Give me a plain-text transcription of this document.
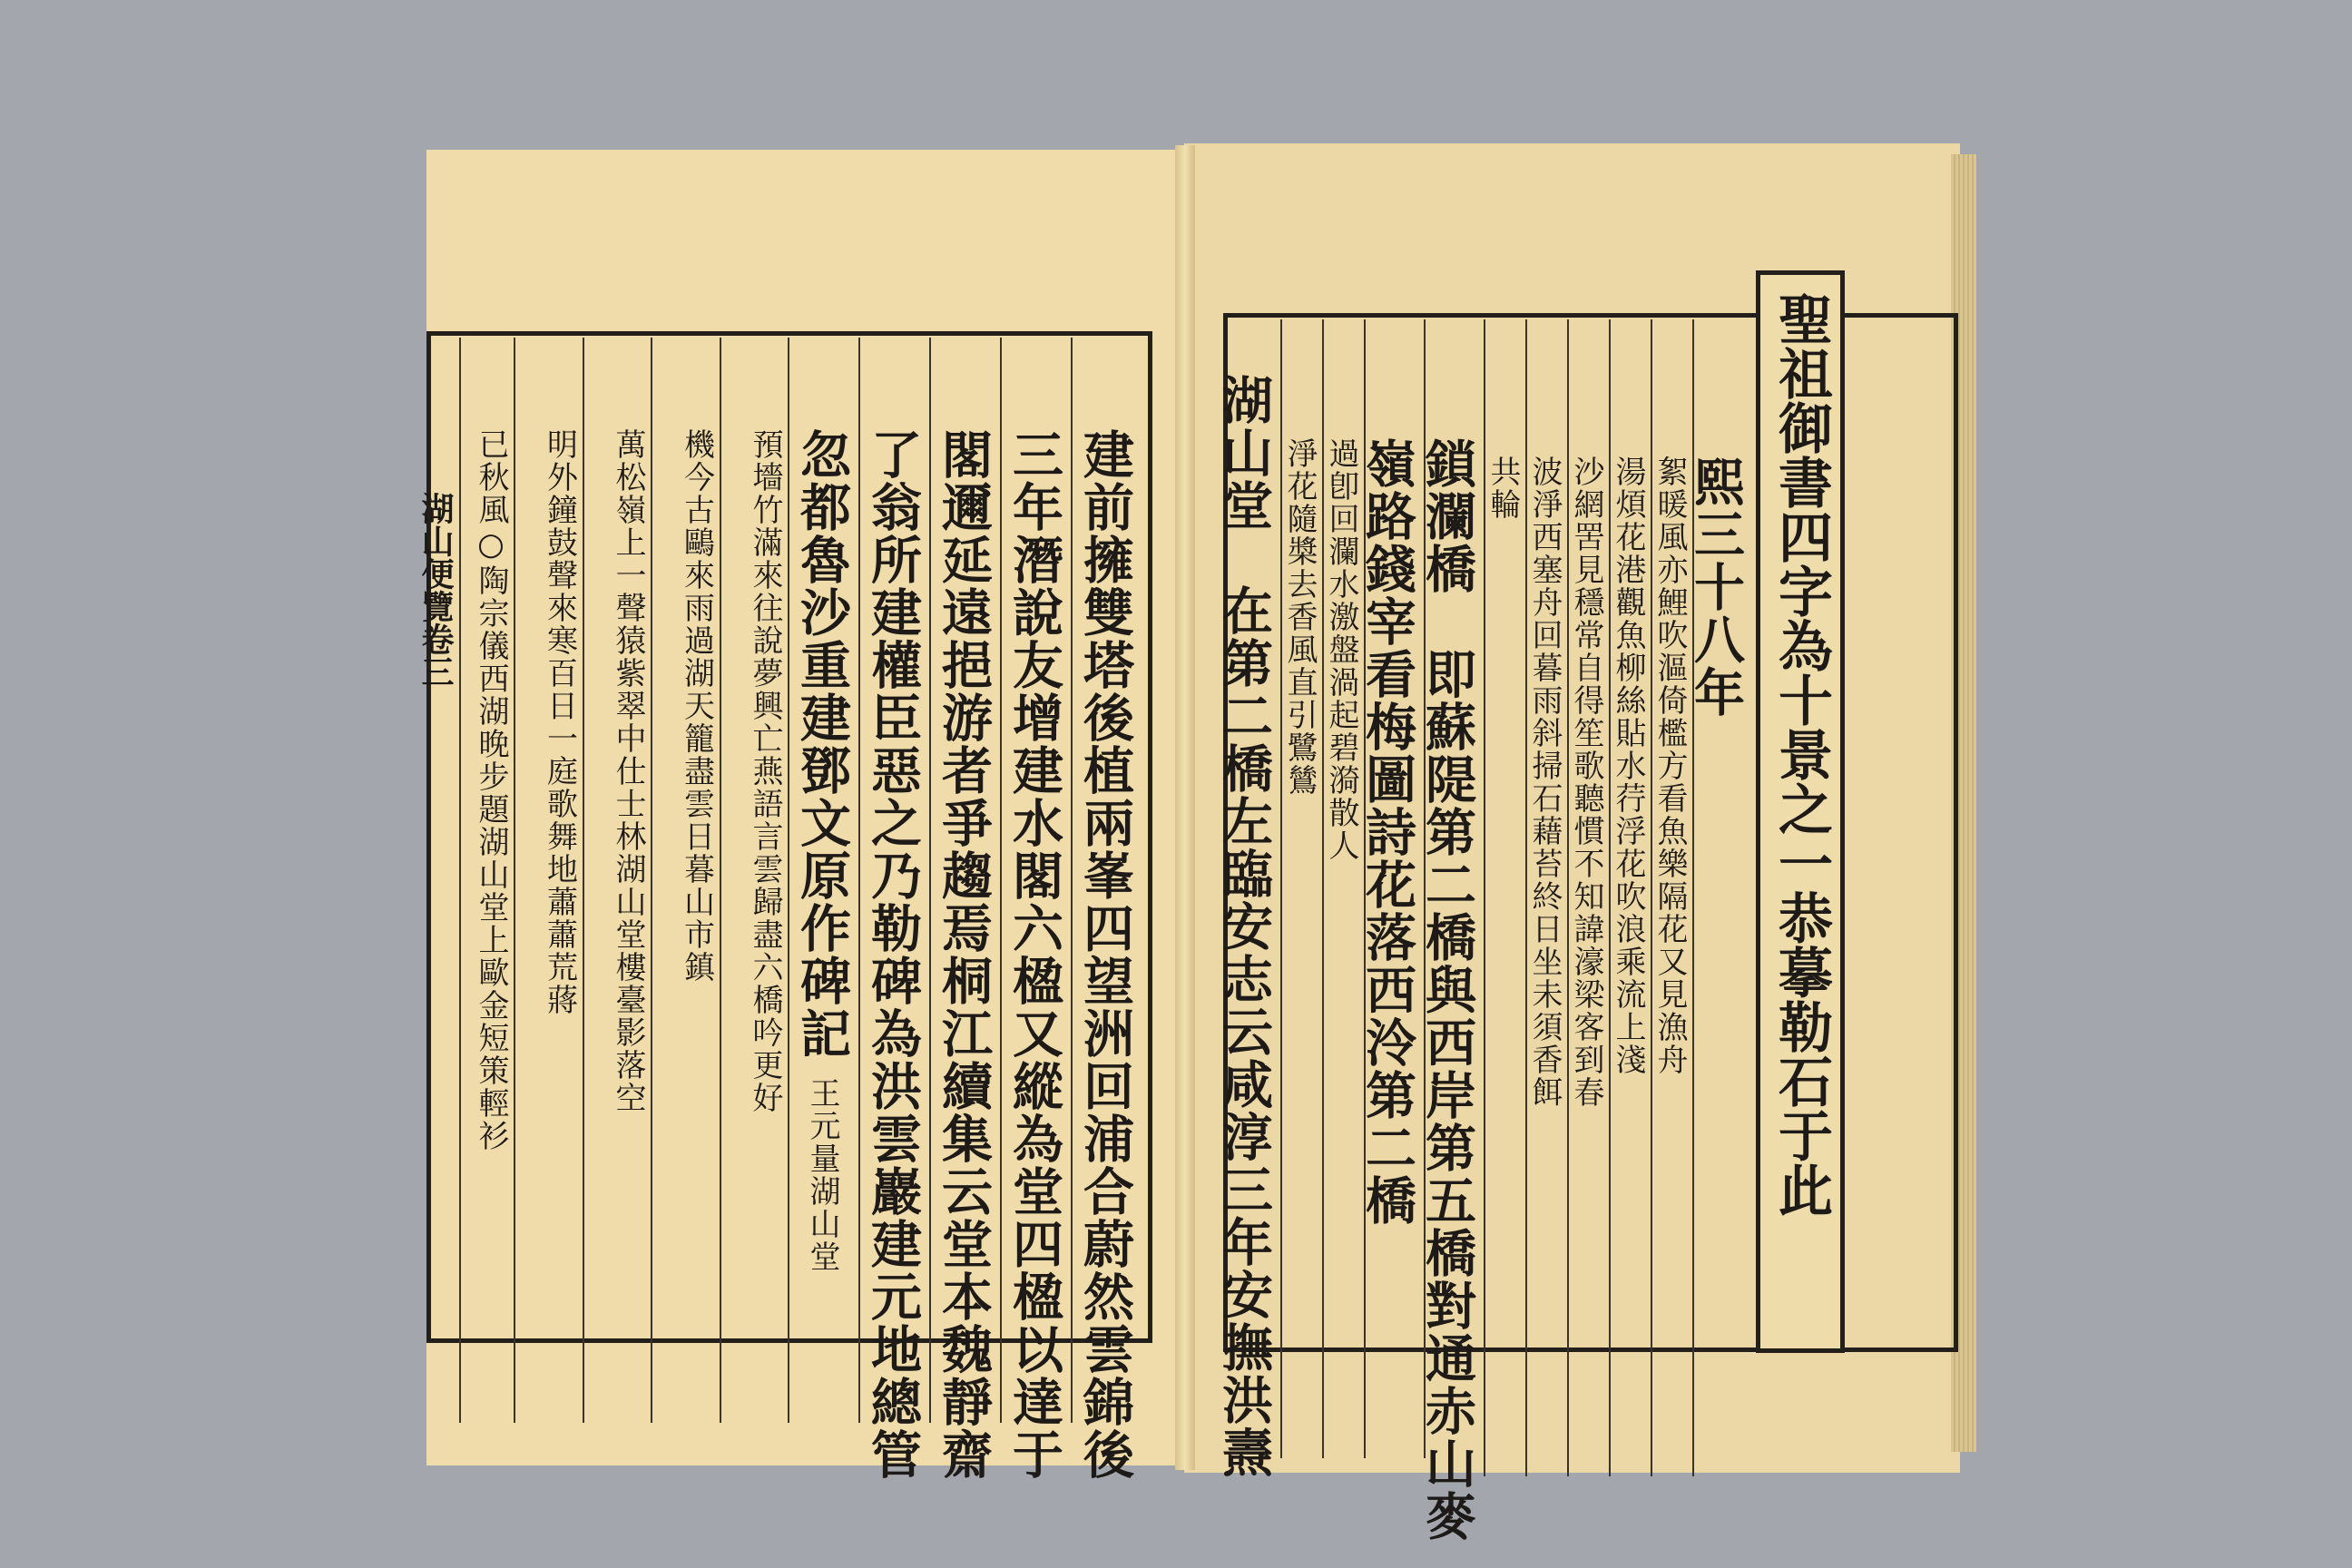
建前擁雙塔後植兩峯四望洲回浦合蔚然雲錦後
三年潛說友增建水閣六楹又縱為堂四楹以達于
閣邇延遠挹游者爭趨焉桐江續集云堂本魏靜齋
了翁所建權臣惡之乃勒碑為洪雲巖建元地總管
忽都魯沙重建鄧文原作碑記 王元量湖山堂
預墻竹滿來往說夢興亡燕語言雲歸盡六橋吟更好
機今古鷗來雨過湖天籠盡雲日暮山市鎮
萬松嶺上一聲猿紫翠中仕士林湖山堂樓臺影落空
明外鐘鼓聲來寒百日一庭歌舞地蕭蕭荒蔣
已秋風○陶宗儀西湖晚步題湖山堂上歐金短策輕衫
湖山便覽卷三	聖祖御書四字為十景之一恭摹勒石于此
熙三十八年
絮暖風亦鯉吹漚倚檻方看魚樂隔花又見漁舟
湯煩花港觀魚柳絲貼水荇浮花吹浪乘流上淺
沙網罟見穩常自得笙歌聽慣不知諱濠梁客到春
波淨西塞舟回暮雨斜掃石藉苔終日坐未須香餌
共輪
鎖瀾橋　即蘇隄第二橋與西岸第五橋對通赤山麥
嶺路錢宰看梅圖詩花落西泠第二橋
過卽回瀾水激盤渦起碧漪散人
淨花隨槳去香風直引鷺鷥
湖山堂　在第二橋左臨安志云咸淳三年安撫洪燾
